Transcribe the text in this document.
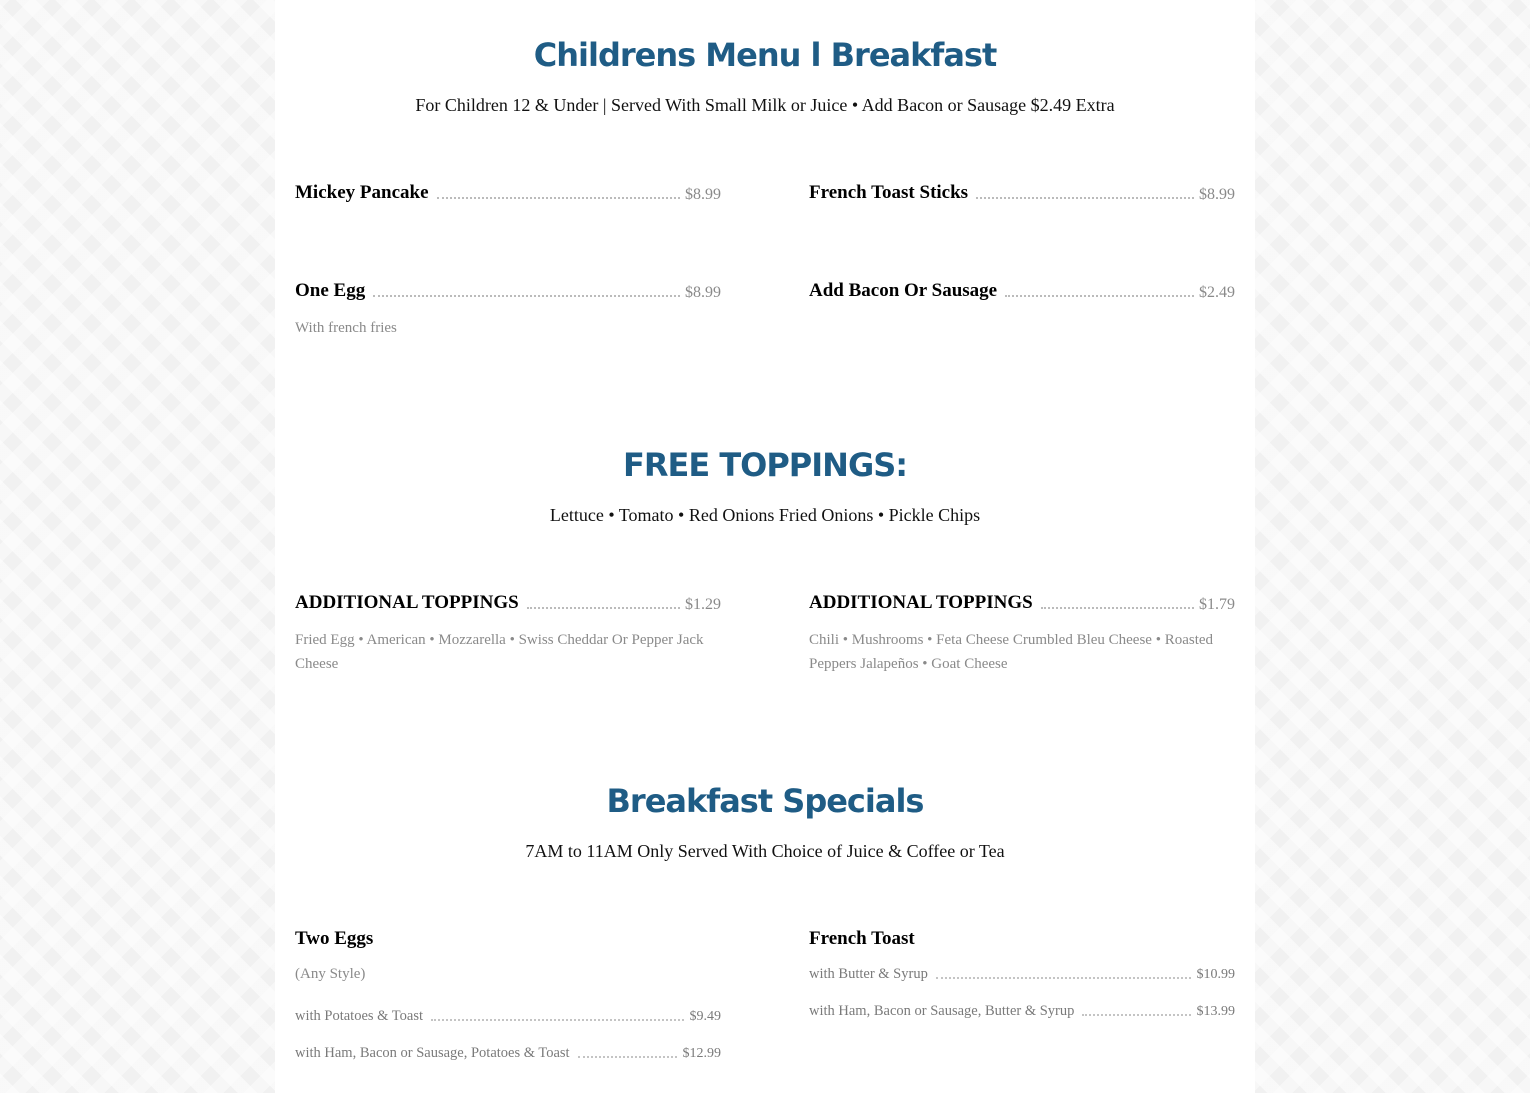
Childrens Menu l Breakfast

For Children 12 & Under | Served With Small Milk or Juice • Add Bacon or Sausage $2.49 Extra

Mickey Pancake	$8.99	French Toast Sticks	$8.99
One Egg	$8.99
With french fries
Add Bacon Or Sausage	$2.49
FREE TOPPINGS:

Lettuce • Tomato • Red Onions Fried Onions • Pickle Chips

ADDITIONAL TOPPINGS	$1.29
Fried Egg • American • Mozzarella • Swiss Cheddar Or Pepper Jack Cheese
ADDITIONAL TOPPINGS	$1.79
Chili • Mushrooms • Feta Cheese Crumbled Bleu Cheese • Roasted Peppers Jalapeños • Goat Cheese
Breakfast Specials

7AM to 11AM Only Served With Choice of Juice & Coffee or Tea

Two Eggs
(Any Style)
with Potatoes & Toast	$9.49
with Ham, Bacon or Sausage, Potatoes & Toast	$12.99
French Toast
with Butter & Syrup	$10.99
with Ham, Bacon or Sausage, Butter & Syrup	$13.99
